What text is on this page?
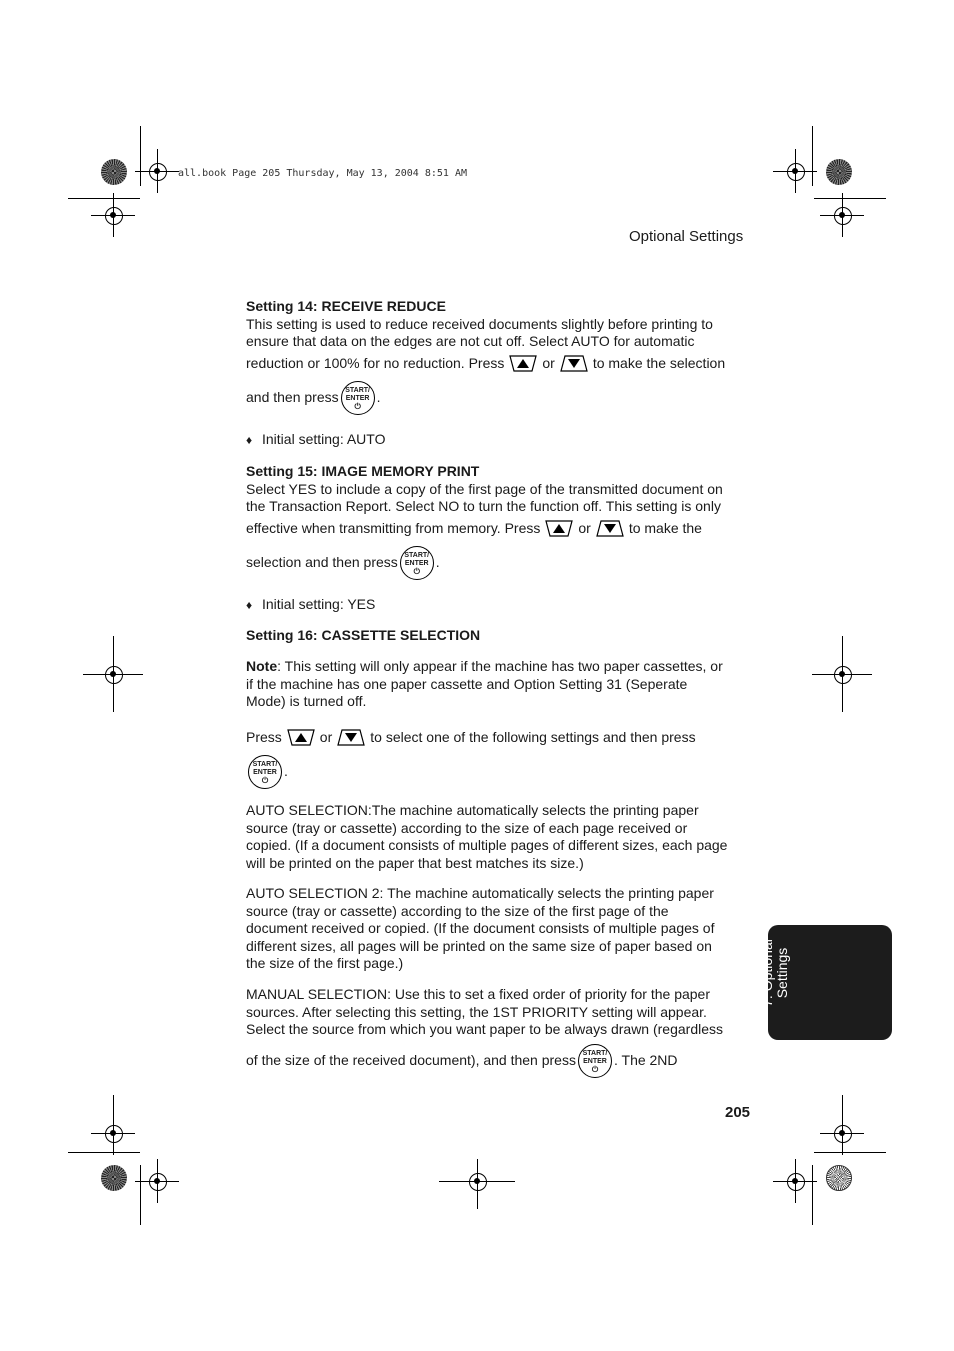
all.book Page 205 Thursday, May 13, 2004 8:51 AM
Optional Settings

Setting 14: RECEIVE REDUCE

This setting is used to reduce received documents slightly before printing to

ensure that data on the edges are not cut off. Select AUTO for automatic

reduction or 100% for no reduction. Press	or	to make the selection
and then press START/
ENTER
⏻
.
♦ Initial setting: AUTO

Setting 15: IMAGE MEMORY PRINT

Select YES to include a copy of the first page of the transmitted document on

the Transaction Report. Select NO to turn the function off. This setting is only

effective when transmitting from memory. Press	or	to make the
selection and then press START/
ENTER
⏻
.
♦ Initial setting: YES

Setting 16: CASSETTE SELECTION

Note: This setting will only appear if the machine has two paper cassettes, or

if the machine has one paper cassette and Option Setting 31 (Seperate

Mode) is turned off.

Press	or	to select one of the following settings and then press
START/
ENTER
⏻
.

AUTO SELECTION:The machine automatically selects the printing paper

source (tray or cassette) according to the size of each page received or

copied. (If a document consists of multiple pages of different sizes, each page

will be printed on the paper that best matches its size.)

AUTO SELECTION 2: The machine automatically selects the printing paper

source (tray or cassette) according to the size of the first page of the

document received or copied. (If the document consists of multiple pages of

different sizes, all pages will be printed on the same size of paper based on

the size of the first page.)

MANUAL SELECTION: Use this to set a fixed order of priority for the paper

sources. After selecting this setting, the 1ST PRIORITY setting will appear.

Select the source from which you want paper to be always drawn (regardless

of the size of the received document), and then press START/
ENTER
⏻
. The 2ND
7. Optional Settings
205
